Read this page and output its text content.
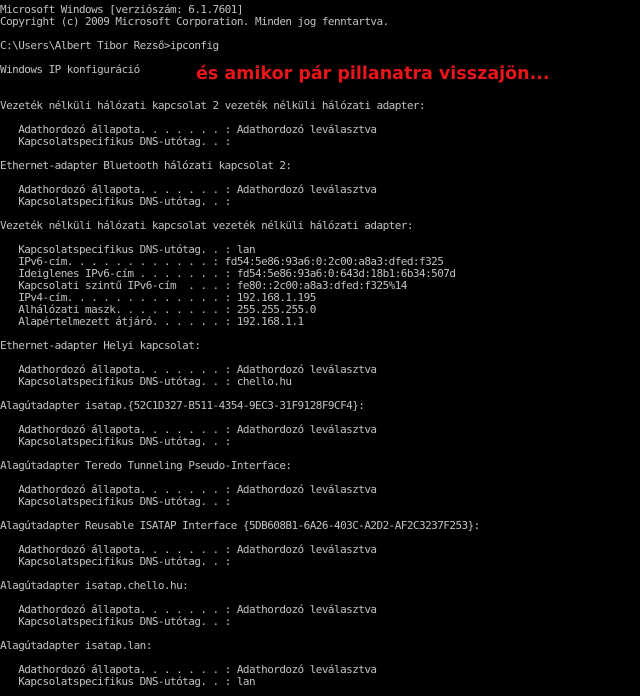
Microsoft Windows [verziószám: 6.1.7601]
Copyright (c) 2009 Microsoft Corporation. Minden jog fenntartva.
C:\Users\Albert Tibor Rezső>ipconfig
Windows IP konfiguráció
Vezeték nélküli hálózati kapcsolat 2 vezeték nélküli hálózati adapter:
Adathordozó állapota. . . . . . . : Adathordozó leválasztva
Kapcsolatspecifikus DNS-utótag. . :
Ethernet-adapter Bluetooth hálózati kapcsolat 2:
Adathordozó állapota. . . . . . . : Adathordozó leválasztva
Kapcsolatspecifikus DNS-utótag. . :
Vezeték nélküli hálózati kapcsolat vezeték nélküli hálózati adapter:
Kapcsolatspecifikus DNS-utótag. . : lan
IPv6-cím. . . . . . . . . . . . : fd54:5e86:93a6:0:2c00:a8a3:dfed:f325
Ideiglenes IPv6-cím . . . . . . . : fd54:5e86:93a6:0:643d:18b1:6b34:507d
Kapcsolati szintű IPv6-cím  . . . : fe80::2c00:a8a3:dfed:f325%14
IPv4-cím. . . . . . . . . . . . . : 192.168.1.195
Alhálózati maszk. . . . . . . . . : 255.255.255.0
Alapértelmezett átjáró. . . . . . : 192.168.1.1
Ethernet-adapter Helyi kapcsolat:
Adathordozó állapota. . . . . . . : Adathordozó leválasztva
Kapcsolatspecifikus DNS-utótag. . : chello.hu
Alagútadapter isatap.{52C1D327-B511-4354-9EC3-31F9128F9CF4}:
Adathordozó állapota. . . . . . . : Adathordozó leválasztva
Kapcsolatspecifikus DNS-utótag. . :
Alagútadapter Teredo Tunneling Pseudo-Interface:
Adathordozó állapota. . . . . . . : Adathordozó leválasztva
Kapcsolatspecifikus DNS-utótag. . :
Alagútadapter Reusable ISATAP Interface {5DB608B1-6A26-403C-A2D2-AF2C3237F253}:
Adathordozó állapota. . . . . . . : Adathordozó leválasztva
Kapcsolatspecifikus DNS-utótag. . :
Alagútadapter isatap.chello.hu:
Adathordozó állapota. . . . . . . : Adathordozó leválasztva
Kapcsolatspecifikus DNS-utótag. . :
Alagútadapter isatap.lan:
Adathordozó állapota. . . . . . . : Adathordozó leválasztva
Kapcsolatspecifikus DNS-utótag. . : lan
és amikor pár pillanatra visszajön...
